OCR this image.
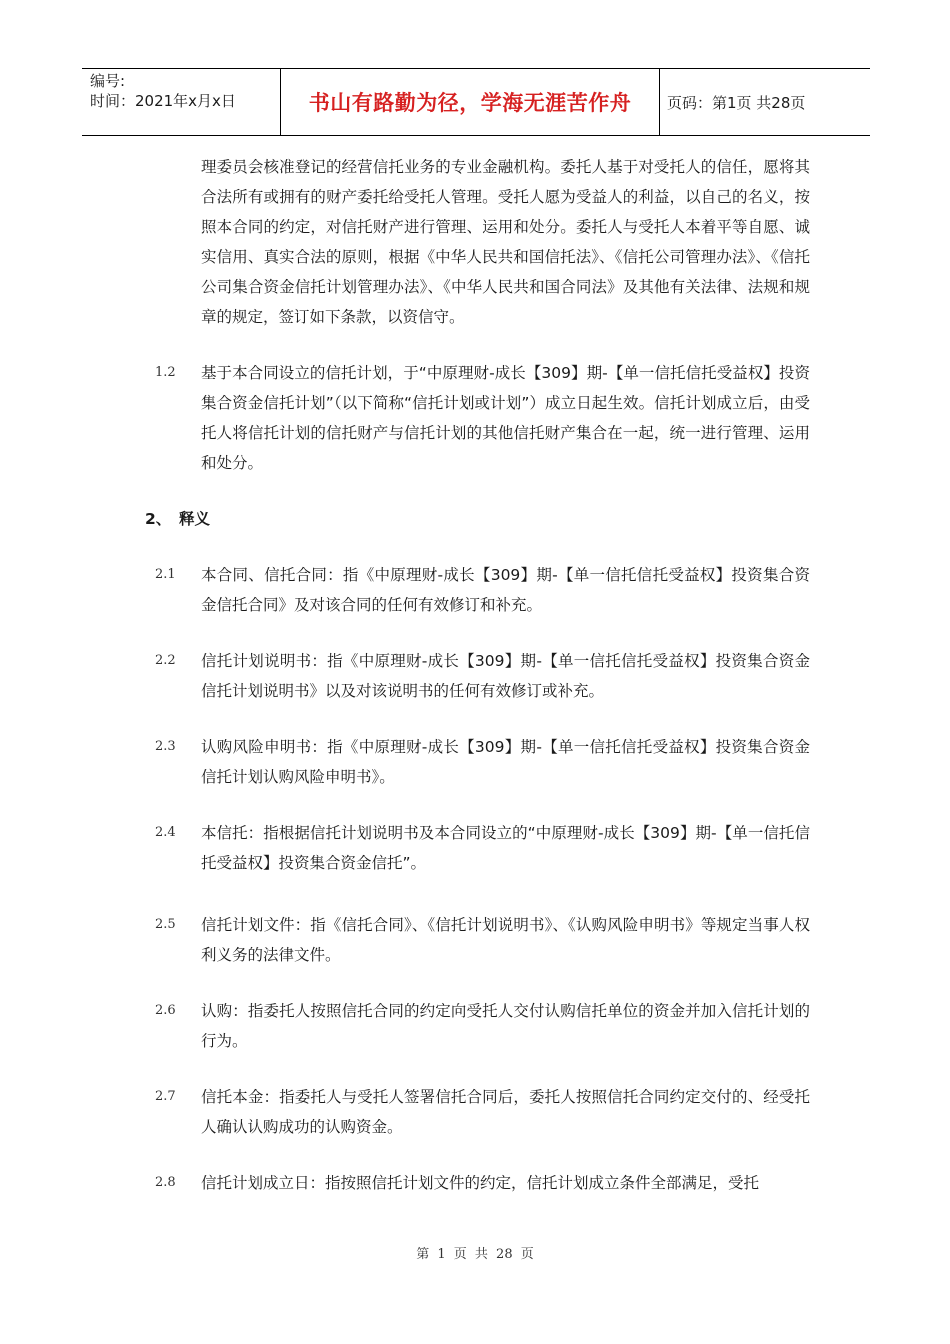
编号:
时间：2021年x月x日	书山有路勤为径，学海无涯苦作舟	页码：第1页 共28页
理委员会核准登记的经营信托业务的专业金融机构。委托人基于对受托人的信任，愿将其合法所有或拥有的财产委托给受托人管理。受托人愿为受益人的利益，以自己的名义，按照本合同的约定，对信托财产进行管理、运用和处分。委托人与受托人本着平等自愿、诚实信用、真实合法的原则，根据《中华人民共和国信托法》、《信托公司管理办法》、《信托公司集合资金信托计划管理办法》、《中华人民共和国合同法》及其他有关法律、法规和规章的规定，签订如下条款，以资信守。
1.2 基于本合同设立的信托计划，于“中原理财-成长【309】期-【单一信托信托受益权】投资集合资金信托计划”（以下简称“信托计划或计划”）成立日起生效。信托计划成立后，由受托人将信托计划的信托财产与信托计划的其他信托财产集合在一起，统一进行管理、运用和处分。
2、 释义
2.1 本合同、信托合同：指《中原理财-成长【309】期-【单一信托信托受益权】投资集合资金信托合同》及对该合同的任何有效修订和补充。
2.2 信托计划说明书：指《中原理财-成长【309】期-【单一信托信托受益权】投资集合资金信托计划说明书》以及对该说明书的任何有效修订或补充。
2.3 认购风险申明书：指《中原理财-成长【309】期-【单一信托信托受益权】投资集合资金信托计划认购风险申明书》。
2.4 本信托：指根据信托计划说明书及本合同设立的“中原理财-成长【309】期-【单一信托信托受益权】投资集合资金信托”。
2.5 信托计划文件：指《信托合同》、《信托计划说明书》、《认购风险申明书》等规定当事人权利义务的法律文件。
2.6 认购：指委托人按照信托合同的约定向受托人交付认购信托单位的资金并加入信托计划的行为。
2.7 信托本金：指委托人与受托人签署信托合同后，委托人按照信托合同约定交付的、经受托人确认认购成功的认购资金。
2.8 信托计划成立日：指按照信托计划文件的约定，信托计划成立条件全部满足，受托
第 1 页 共 28 页
